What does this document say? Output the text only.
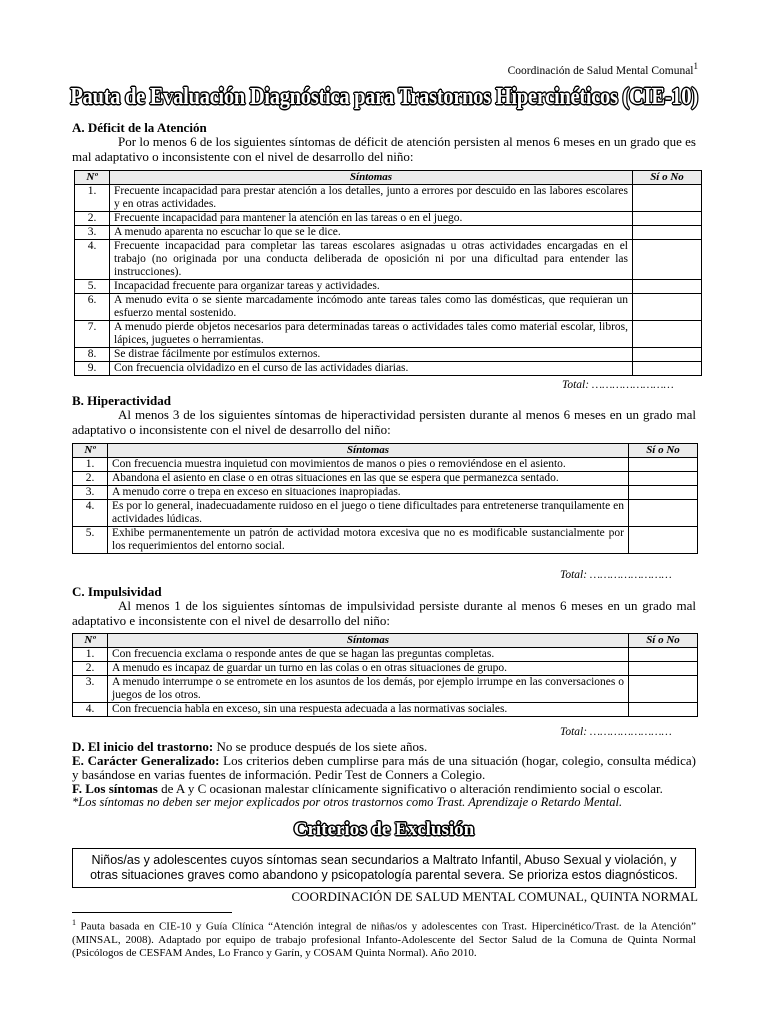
Coordinación de Salud Mental Comunal$^1$
Pauta de Evaluación Diagnóstica para Trastornos Hipercinéticos (CIE-10)
A. Déficit de la Atención
Por lo menos 6 de los siguientes síntomas de déficit de atención persisten al menos 6 meses en un grado que es mal adaptativo o inconsistente con el nivel de desarrollo del niño:
Nº	Síntomas	Sí o No
1.	Frecuente incapacidad para prestar atención a los detalles, junto a errores por descuido en las labores escolares y en otras actividades.	
2.	Frecuente incapacidad para mantener la atención en las tareas o en el juego.	
3.	A menudo aparenta no escuchar lo que se le dice.	
4.	Frecuente incapacidad para completar las tareas escolares asignadas u otras actividades encargadas en el trabajo (no originada por una conducta deliberada de oposición ni por una dificultad para entender las instrucciones).	
5.	Incapacidad frecuente para organizar tareas y actividades.	
6.	A menudo evita o se siente marcadamente incómodo ante tareas tales como las domésticas, que requieran un esfuerzo mental sostenido.	
7.	A menudo pierde objetos necesarios para determinadas tareas o actividades tales como material escolar, libros, lápices, juguetes o herramientas.	
8.	Se distrae fácilmente por estímulos externos.	
9.	Con frecuencia olvidadizo en el curso de las actividades diarias.	
Total: ……………………
B. Hiperactividad
Al menos 3 de los siguientes síntomas de hiperactividad persisten durante al menos 6 meses en un grado mal adaptativo o inconsistente con el nivel de desarrollo del niño:
Nº	Síntomas	Sí o No
1.	Con frecuencia muestra inquietud con movimientos de manos o pies o removiéndose en el asiento.	
2.	Abandona el asiento en clase o en otras situaciones en las que se espera que permanezca sentado.	
3.	A menudo corre o trepa en exceso en situaciones inapropiadas.	
4.	Es por lo general, inadecuadamente ruidoso en el juego o tiene dificultades para entretenerse tranquilamente en actividades lúdicas.	
5.	Exhibe permanentemente un patrón de actividad motora excesiva que no es modificable sustancialmente por los requerimientos del entorno social.	
Total: ……………………
C. Impulsividad
Al menos 1 de los siguientes síntomas de impulsividad persiste durante al menos 6 meses en un grado mal adaptativo e inconsistente con el nivel de desarrollo del niño:
Nº	Síntomas	Sí o No
1.	Con frecuencia exclama o responde antes de que se hagan las preguntas completas.	
2.	A menudo es incapaz de guardar un turno en las colas o en otras situaciones de grupo.	
3.	A menudo interrumpe o se entromete en los asuntos de los demás, por ejemplo irrumpe en las conversaciones o juegos de los otros.	
4.	Con frecuencia habla en exceso, sin una respuesta adecuada a las normativas sociales.	
Total: ……………………
D. El inicio del trastorno: No se produce después de los siete años.
E. Carácter Generalizado: Los criterios deben cumplirse para más de una situación (hogar, colegio, consulta médica) y basándose en varias fuentes de información. Pedir Test de Conners a Colegio.
F. Los síntomas de A y C ocasionan malestar clínicamente significativo o alteración rendimiento social o escolar.
*Los síntomas no deben ser mejor explicados por otros trastornos como Trast. Aprendizaje o Retardo Mental.
Criterios de Exclusión
Niños/as y adolescentes cuyos síntomas sean secundarios a Maltrato Infantil, Abuso Sexual y violación, y otras situaciones graves como abandono y psicopatología parental severa. Se prioriza estos diagnósticos.
COORDINACIÓN DE SALUD MENTAL COMUNAL, QUINTA NORMAL
$^1$ Pauta basada en CIE-10 y Guía Clínica “Atención integral de niñas/os y adolescentes con Trast. Hipercinético/Trast. de la Atención” (MINSAL, 2008). Adaptado por equipo de trabajo profesional Infanto-Adolescente del Sector Salud de la Comuna de Quinta Normal (Psicólogos de CESFAM Andes, Lo Franco y Garín, y COSAM Quinta Normal). Año 2010.
